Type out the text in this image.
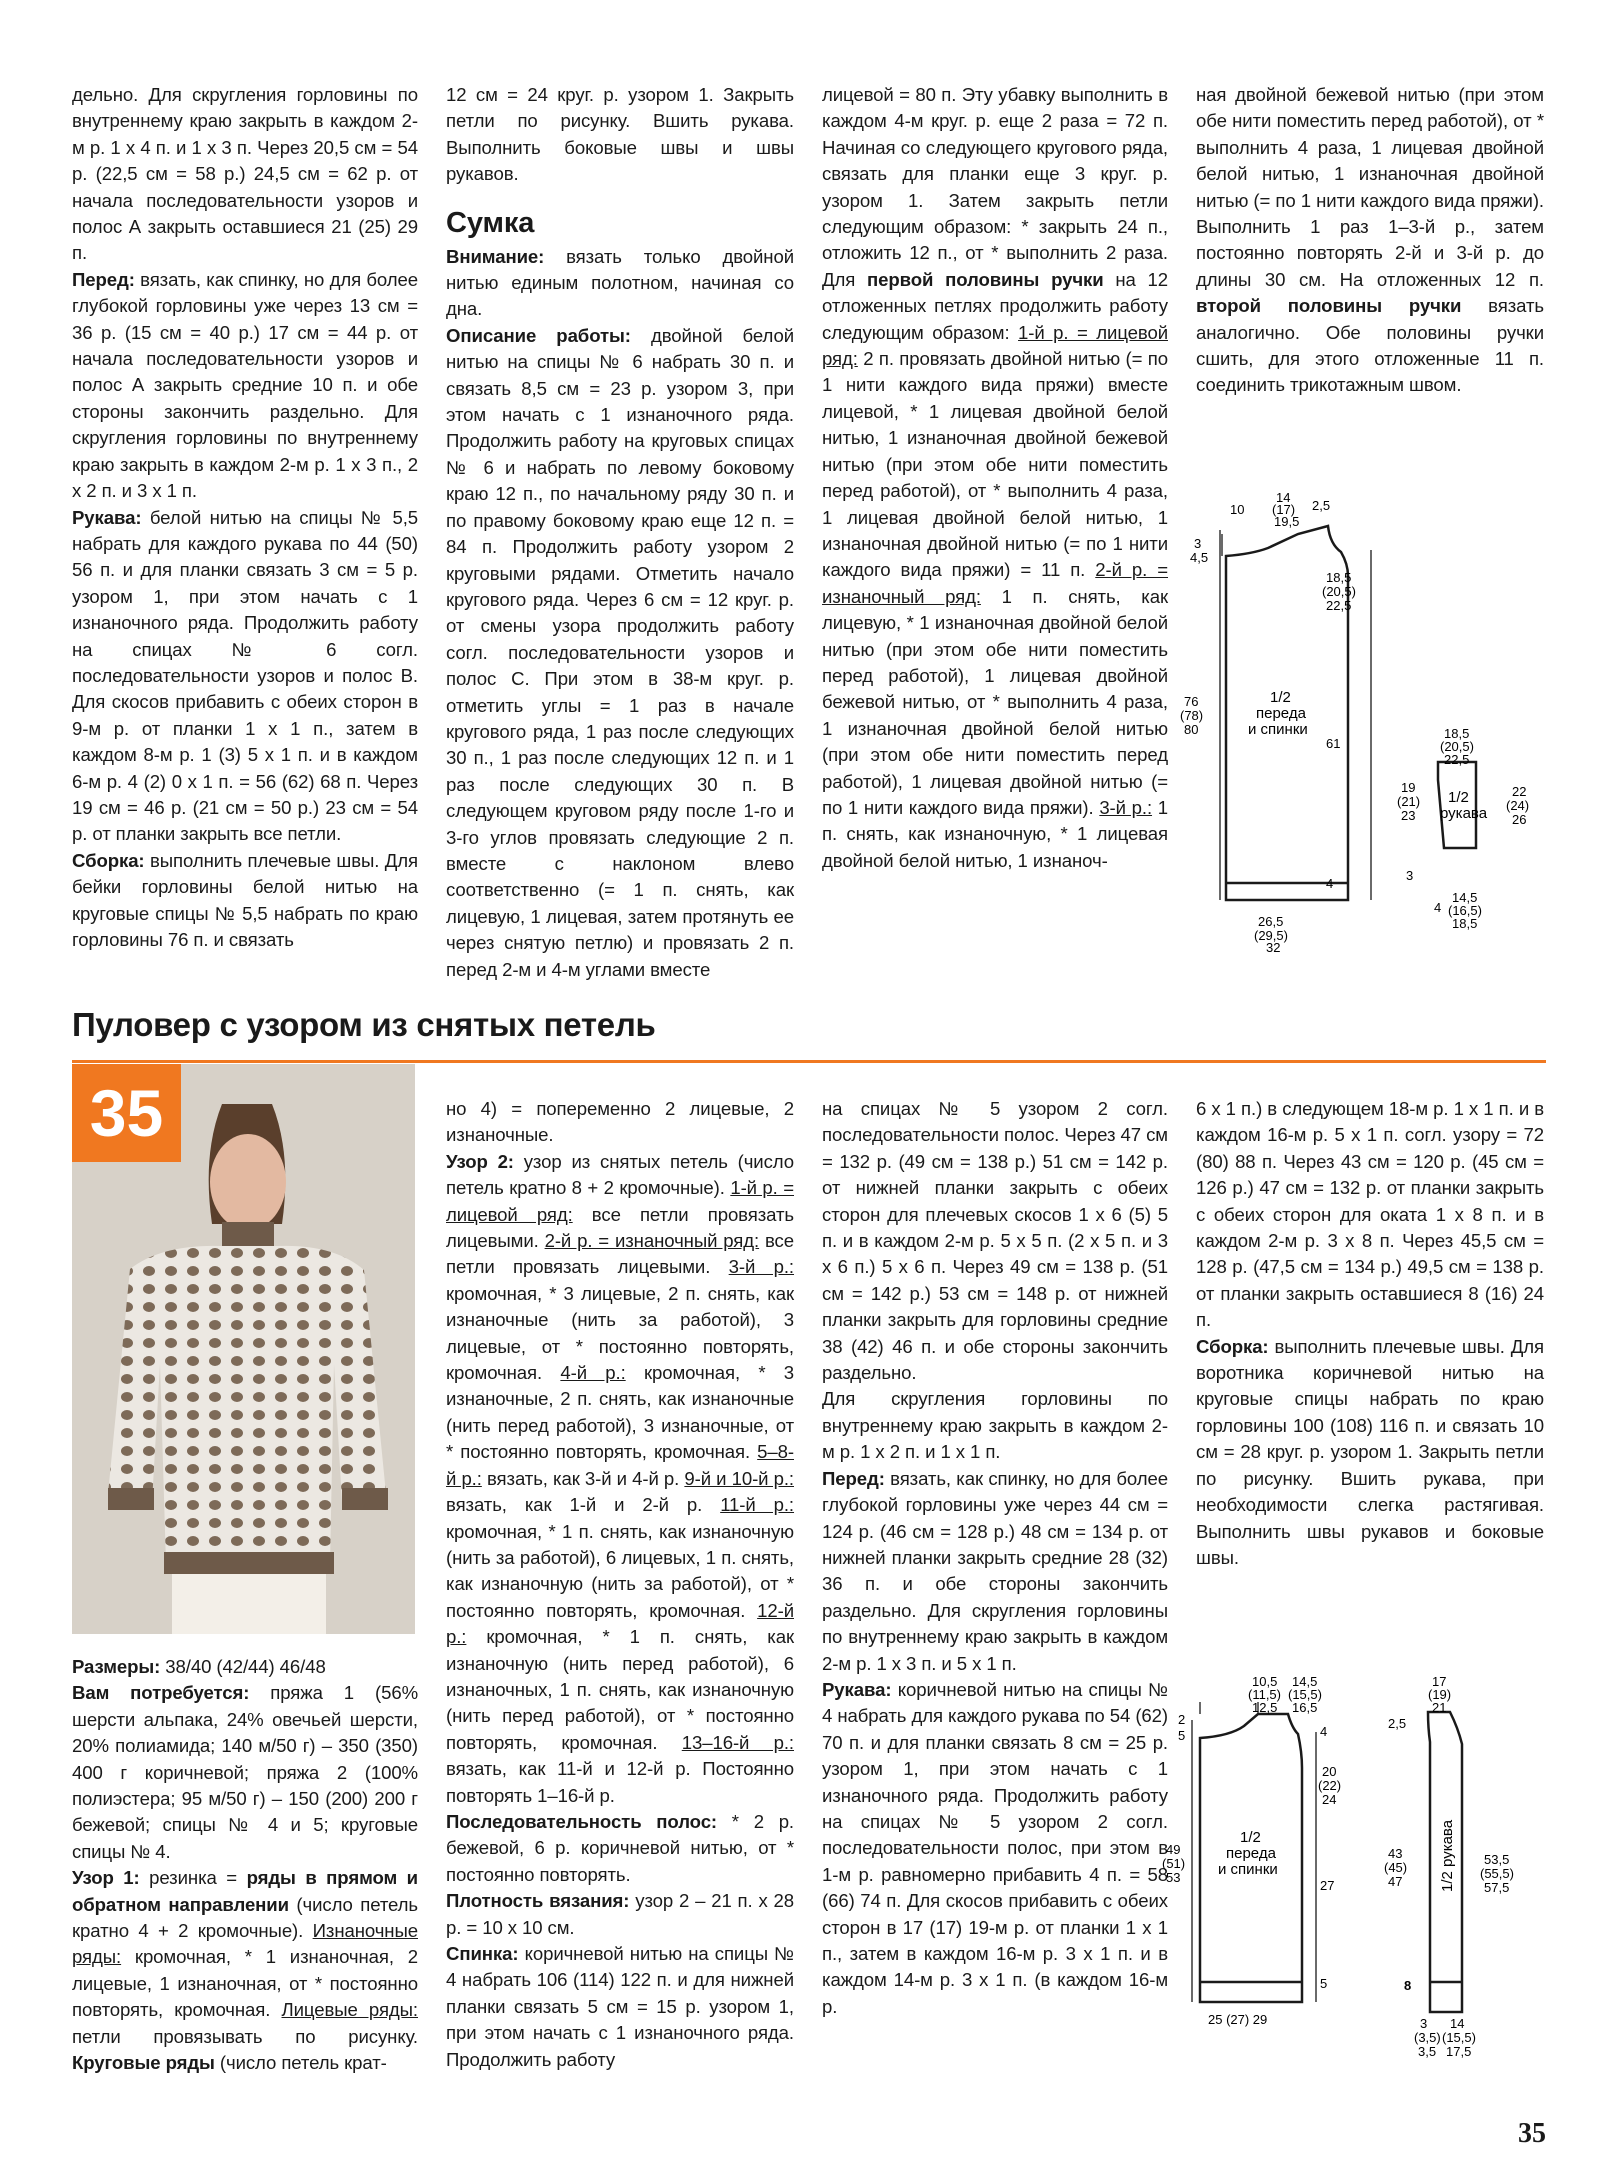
дельно. Для скругления горловины по внутреннему краю закрыть в каждом 2-м р. 1 х 4 п. и 1 х 3 п. Через 20,5 см = 54 р. (22,5 см = 58 р.) 24,5 см = 62 р. от начала последовательности узоров и полос А закрыть оставшиеся 21 (25) 29 п.

Перед: вязать, как спинку, но для более глубокой горловины уже через 13 см = 36 р. (15 см = 40 р.) 17 см = 44 р. от начала последовательности узоров и полос А закрыть средние 10 п. и обе стороны закончить раздельно. Для скругления горловины по внутреннему краю закрыть в каждом 2-м р. 1 х 3 п., 2 х 2 п. и 3 х 1 п.

Рукава: белой нитью на спицы № 5,5 набрать для каждого рукава по 44 (50) 56 п. и для планки связать 3 см = 5 р. узором 1, при этом начать с 1 изнаночного ряда. Продолжить работу на спицах № 6 согл. последовательности узоров и полос В. Для скосов прибавить с обеих сторон в 9-м р. от планки 1 х 1 п., затем в каждом 8-м р. 1 (3) 5 х 1 п. и в каждом 6-м р. 4 (2) 0 х 1 п. = 56 (62) 68 п. Через 19 см = 46 р. (21 см = 50 р.) 23 см = 54 р. от планки закрыть все петли.

Сборка: выполнить плечевые швы. Для бейки горловины белой нитью на круговые спицы № 5,5 набрать по краю горловины 76 п. и связать

12 см = 24 круг. р. узором 1. Закрыть петли по рисунку. Вшить рукава. Выполнить боковые швы и швы рукавов.

Сумка

Внимание: вязать только двойной нитью единым полотном, начиная со дна.

Описание работы: двойной белой нитью на спицы № 6 набрать 30 п. и связать 8,5 см = 23 р. узором 3, при этом начать с 1 изнаночного ряда. Продолжить работу на круговых спицах № 6 и набрать по левому боковому краю 12 п., по начальному ряду 30 п. и по правому боковому краю еще 12 п. = 84 п. Продолжить работу узором 2 круговыми рядами. Отметить начало кругового ряда. Через 6 см = 12 круг. р. от смены узора продолжить работу согл. последовательности узоров и полос С. При этом в 38-м круг. р. отметить углы = 1 раз в начале кругового ряда, 1 раз после следующих 30 п., 1 раз после следующих 12 п. и 1 раз после следующих 30 п. В следующем круговом ряду после 1-го и 3-го углов провязать следующие 2 п. вместе с наклоном влево соответственно (= 1 п. снять, как лицевую, 1 лицевая, затем протянуть ее через снятую петлю) и провязать 2 п. перед 2-м и 4-м углами вместе

лицевой = 80 п. Эту убавку выполнить в каждом 4-м круг. р. еще 2 раза = 72 п. Начиная со следующего кругового ряда, связать для планки еще 3 круг. р. узором 1. Затем закрыть петли следующим образом: * закрыть 24 п., отложить 12 п., от * выполнить 2 раза. Для первой половины ручки на 12 отложенных петлях продолжить работу следующим образом: 1-й р. = лицевой ряд: 2 п. провязать двойной нитью (= по 1 нити каждого вида пряжи) вместе лицевой, * 1 лицевая двойной белой нитью, 1 изнаночная двойной бежевой нитью (при этом обе нити поместить перед работой), от * выполнить 4 раза, 1 лицевая двойной белой нитью, 1 изнаночная двойной нитью (= по 1 нити каждого вида пряжи) = 11 п. 2-й р. = изнаночный ряд: 1 п. снять, как лицевую, * 1 изнаночная двойной белой нитью (при этом обе нити поместить перед работой), 1 лицевая двойной бежевой нитью, от * выполнить 4 раза, 1 изнаночная двойной белой нитью (при этом обе нити поместить перед работой), 1 лицевая двойной нитью (= по 1 нити каждого вида пряжи). 3-й р.: 1 п. снять, как изнаночную, * 1 лицевая двойной белой нитью, 1 изнаноч-

ная двойной бежевой нитью (при этом обе нити поместить перед работой), от * выполнить 4 раза, 1 лицевая двойной белой нитью, 1 изнаночная двойной нитью (= по 1 нити каждого вида пряжи). Выполнить 1 раз 1–3-й р., затем постоянно повторять 2-й и 3-й р. до длины 30 см. На отложенных 12 п. второй половины ручки вязать аналогично. Обе половины ручки сшить, для этого отложенные 11 п. соединить трикотажным швом.

10
14
(17)
19,5
2,5
3
4,5
18,5
(20,5)
22,5
76
(78)
80
61
4
26,5
(29,5)
32
1/2
переда
и спинки	18,5
(20,5)
22,5
19
(21)
23
22
(24)
26
3
4
14,5
(16,5)
18,5
1/2
рукава
Пуловер с узором из снятых петель
35

Размеры: 38/40 (42/44) 46/48

Вам потребуется: пряжа 1 (56% шерсти альпака, 24% овечьей шерсти, 20% полиамида; 140 м/50 г) – 350 (350) 400 г коричневой; пряжа 2 (100% полиэстера; 95 м/50 г) – 150 (200) 200 г бежевой; спицы № 4 и 5; круговые спицы № 4.

Узор 1: резинка = ряды в прямом и обратном направлении (число петель кратно 4 + 2 кромочные). Изнаночные ряды: кромочная, * 1 изнаночная, 2 лицевые, 1 изнаночная, от * постоянно повторять, кромочная. Лицевые ряды: петли провязывать по рисунку. Круговые ряды (число петель крат-

но 4) = попеременно 2 лицевые, 2 изнаночные.

Узор 2: узор из снятых петель (число петель кратно 8 + 2 кромочные). 1-й р. = лицевой ряд: все петли провязать лицевыми. 2-й р. = изнаночный ряд: все петли провязать лицевыми. 3-й р.: кромочная, * 3 лицевые, 2 п. снять, как изнаночные (нить за работой), 3 лицевые, от * постоянно повторять, кромочная. 4-й р.: кромочная, * 3 изнаночные, 2 п. снять, как изнаночные (нить перед работой), 3 изнаночные, от * постоянно повторять, кромочная. 5–8-й р.: вязать, как 3-й и 4-й р. 9-й и 10-й р.: вязать, как 1-й и 2-й р. 11-й р.: кромочная, * 1 п. снять, как изнаночную (нить за работой), 6 лицевых, 1 п. снять, как изнаночную (нить за работой), от * постоянно повторять, кромочная. 12-й р.: кромочная, * 1 п. снять, как изнаночную (нить перед работой), 6 изнаночных, 1 п. снять, как изнаночную (нить перед работой), от * постоянно повторять, кромочная. 13–16-й р.: вязать, как 11-й и 12-й р. Постоянно повторять 1–16-й р.

Последовательность полос: * 2 р. бежевой, 6 р. коричневой нитью, от * постоянно повторять.

Плотность вязания: узор 2 – 21 п. х 28 р. = 10 х 10 см.

Спинка: коричневой нитью на спицы № 4 набрать 106 (114) 122 п. и для нижней планки связать 5 см = 15 р. узором 1, при этом начать с 1 изнаночного ряда. Продолжить работу

на спицах № 5 узором 2 согл. последовательности полос. Через 47 см = 132 р. (49 см = 138 р.) 51 см = 142 р. от нижней планки закрыть с обеих сторон для плечевых скосов 1 х 6 (5) 5 п. и в каждом 2-м р. 5 х 5 п. (2 х 5 п. и 3 х 6 п.) 5 х 6 п. Через 49 см = 138 р. (51 см = 142 р.) 53 см = 148 р. от нижней планки закрыть для горловины средние 38 (42) 46 п. и обе стороны закончить раздельно.

Для скругления горловины по внутреннему краю закрыть в каждом 2-м р. 1 х 2 п. и 1 х 1 п.

Перед: вязать, как спинку, но для более глубокой горловины уже через 44 см = 124 р. (46 см = 128 р.) 48 см = 134 р. от нижней планки закрыть средние 28 (32) 36 п. и обе стороны закончить раздельно. Для скругления горловины по внутреннему краю закрыть в каждом 2-м р. 1 х 3 п. и 5 х 1 п.

Рукава: коричневой нитью на спицы № 4 набрать для каждого рукава по 54 (62) 70 п. и для планки связать 8 см = 25 р. узором 1, при этом начать с 1 изнаночного ряда. Продолжить работу на спицах № 5 узором 2 согл. последовательности полос, при этом в 1-м р. равномерно прибавить 4 п. = 58 (66) 74 п. Для скосов прибавить с обеих сторон в 17 (17) 19-м р. от планки 1 х 1 п., затем в каждом 16-м р. 3 х 1 п. и в каждом 14-м р. 3 х 1 п. (в каждом 16-м р.

6 х 1 п.) в следующем 18-м р. 1 х 1 п. и в каждом 16-м р. 5 х 1 п. согл. узору = 72 (80) 88 п. Через 43 см = 120 р. (45 см = 126 р.) 47 см = 132 р. от планки закрыть с обеих сторон для оката 1 х 8 п. и в каждом 2-м р. 3 х 8 п. Через 45,5 см = 128 р. (47,5 см = 134 р.) 49,5 см = 138 р. от планки закрыть оставшиеся 8 (16) 24 п.

Сборка: выполнить плечевые швы. Для воротника коричневой нитью на круговые спицы набрать по краю горловины 100 (108) 116 п. и связать 10 см = 28 круг. р. узором 1. Закрыть петли по рисунку. Вшить рукава, при необходимости слегка растягивая. Выполнить швы рукавов и боковые швы.

10,5
(11,5)
12,5
14,5
(15,5)
16,5
2
5	4
20
(22)
24
49
(51)
53
27
5
25 (27) 29
1/2
переда
и спинки
17
(19)
21
2,5
43
(45)
47
53,5
(55,5)
57,5
8
3
(3,5)
3,5
14
(15,5)
17,5
1/2 рукава
35
